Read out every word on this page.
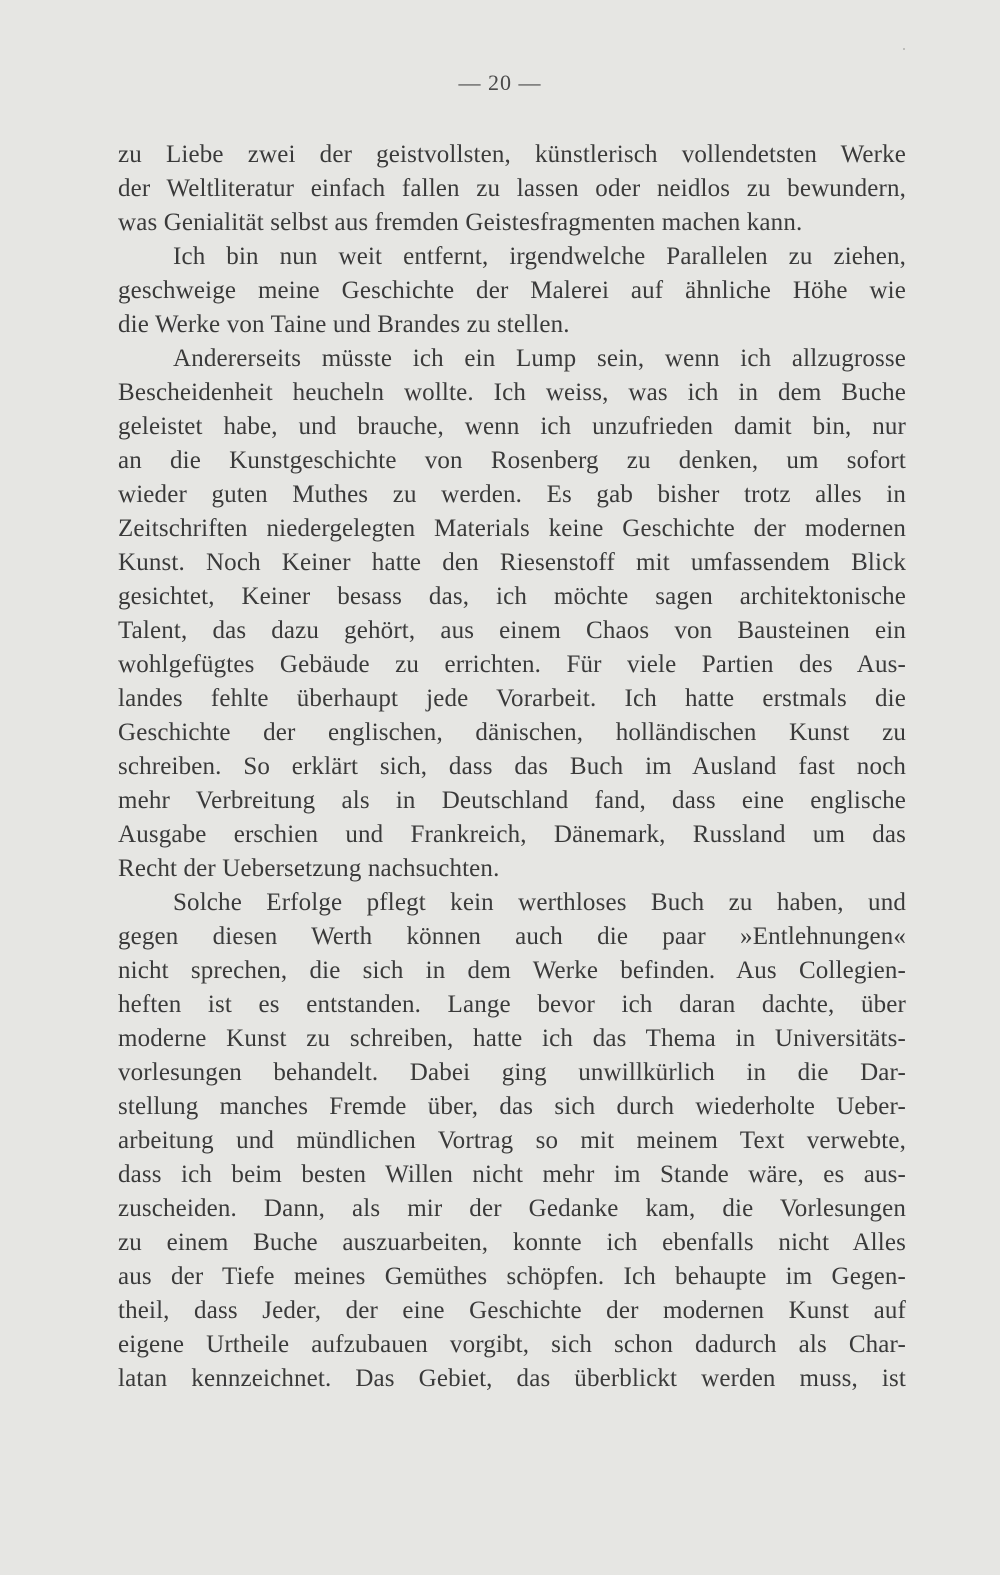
— 20 —
zu Liebe zwei der geistvollsten, künstlerisch vollendetsten Werke
der Weltliteratur einfach fallen zu lassen oder neidlos zu bewundern,
was Genialität selbst aus fremden Geistesfragmenten machen kann.
Ich bin nun weit entfernt, irgendwelche Parallelen zu ziehen,
geschweige meine Geschichte der Malerei auf ähnliche Höhe wie
die Werke von Taine und Brandes zu stellen.
Andererseits müsste ich ein Lump sein, wenn ich allzugrosse
Bescheidenheit heucheln wollte. Ich weiss, was ich in dem Buche
geleistet habe, und brauche, wenn ich unzufrieden damit bin, nur
an die Kunstgeschichte von Rosenberg zu denken, um sofort
wieder guten Muthes zu werden. Es gab bisher trotz alles in
Zeitschriften niedergelegten Materials keine Geschichte der modernen
Kunst. Noch Keiner hatte den Riesenstoff mit umfassendem Blick
gesichtet, Keiner besass das, ich möchte sagen architektonische
Talent, das dazu gehört, aus einem Chaos von Bausteinen ein
wohlgefügtes Gebäude zu errichten. Für viele Partien des Aus-
landes fehlte überhaupt jede Vorarbeit. Ich hatte erstmals die
Geschichte der englischen, dänischen, holländischen Kunst zu
schreiben. So erklärt sich, dass das Buch im Ausland fast noch
mehr Verbreitung als in Deutschland fand, dass eine englische
Ausgabe erschien und Frankreich, Dänemark, Russland um das
Recht der Uebersetzung nachsuchten.
Solche Erfolge pflegt kein werthloses Buch zu haben, und
gegen diesen Werth können auch die paar »Entlehnungen«
nicht sprechen, die sich in dem Werke befinden. Aus Collegien-
heften ist es entstanden. Lange bevor ich daran dachte, über
moderne Kunst zu schreiben, hatte ich das Thema in Universitäts-
vorlesungen behandelt. Dabei ging unwillkürlich in die Dar-
stellung manches Fremde über, das sich durch wiederholte Ueber-
arbeitung und mündlichen Vortrag so mit meinem Text verwebte,
dass ich beim besten Willen nicht mehr im Stande wäre, es aus-
zuscheiden. Dann, als mir der Gedanke kam, die Vorlesungen
zu einem Buche auszuarbeiten, konnte ich ebenfalls nicht Alles
aus der Tiefe meines Gemüthes schöpfen. Ich behaupte im Gegen-
theil, dass Jeder, der eine Geschichte der modernen Kunst auf
eigene Urtheile aufzubauen vorgibt, sich schon dadurch als Char-
latan kennzeichnet. Das Gebiet, das überblickt werden muss, ist
